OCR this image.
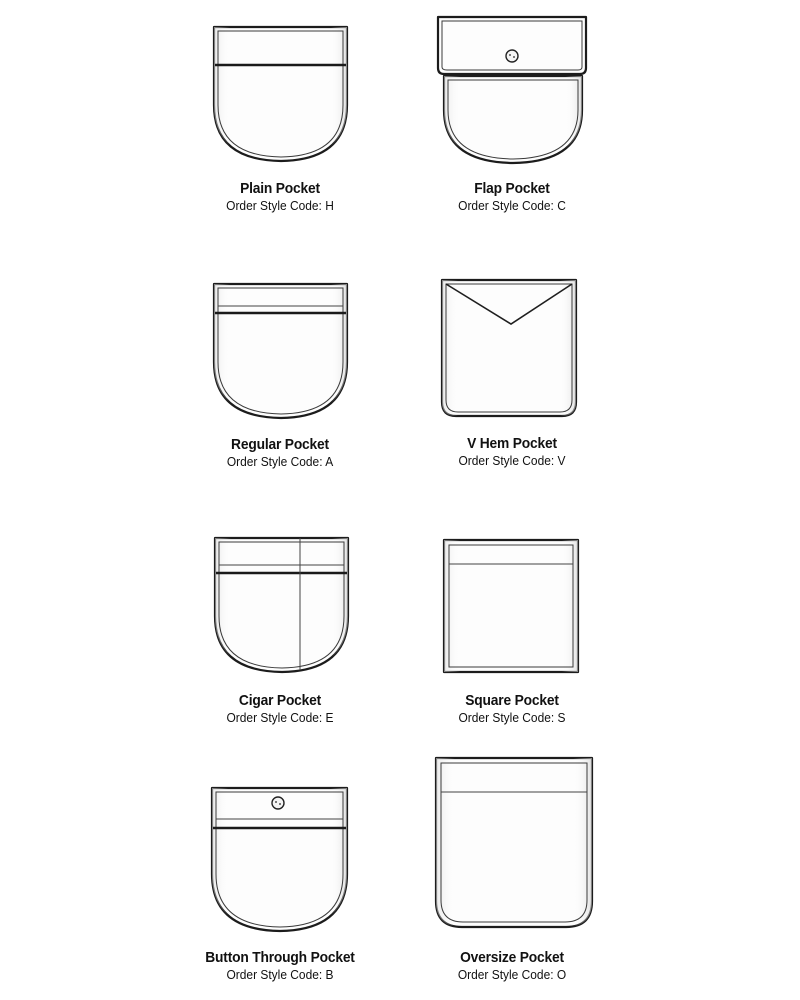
Plain Pocket
Order Style Code: H
Flap Pocket
Order Style Code: C
Regular Pocket
Order Style Code: A
V Hem Pocket
Order Style Code: V
Cigar Pocket
Order Style Code: E
Square Pocket
Order Style Code: S
Button Through Pocket
Order Style Code: B
Oversize Pocket
Order Style Code: O
